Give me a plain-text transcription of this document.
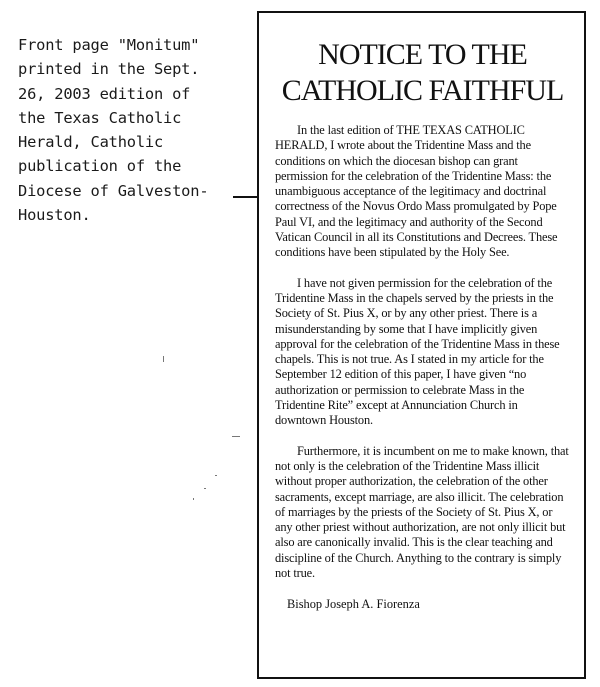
Front page "Monitum"
printed in the Sept.
26, 2003 edition of
the Texas Catholic
Herald, Catholic
publication of the
Diocese of Galveston-
Houston.
NOTICE TO THE
CATHOLIC FAITHFUL

In the last edition of THE TEXAS CATHOLIC HERALD, I wrote about the Tridentine Mass and the conditions on which the diocesan bishop can grant permission for the celebration of the Tridentine Mass: the unambiguous acceptance of the legitimacy and doctrinal correctness of the Novus Ordo Mass promulgated by Pope Paul VI, and the legitimacy and authority of the Second Vatican Council in all its Constitutions and Decrees. These conditions have been stipulated by the Holy See.

I have not given permission for the celebration of the Tridentine Mass in the chapels served by the priests in the Society of St. Pius X, or by any other priest. There is a misunderstanding by some that I have implicitly given approval for the celebration of the Tridentine Mass in these chapels. This is not true. As I stated in my article for the September 12 edition of this paper, I have given “no authorization or permission to celebrate Mass in the Tridentine Rite” except at Annunciation Church in downtown Houston.

Furthermore, it is incumbent on me to make known, that not only is the celebration of the Tridentine Mass illicit without proper authorization, the celebration of the other sacraments, except marriage, are also illicit. The celebration of marriages by the priests of the Society of St. Pius X, or any other priest without authorization, are not only illicit but also are canonically invalid. This is the clear teaching and discipline of the Church. Anything to the contrary is simply not true.

Bishop Joseph A. Fiorenza
